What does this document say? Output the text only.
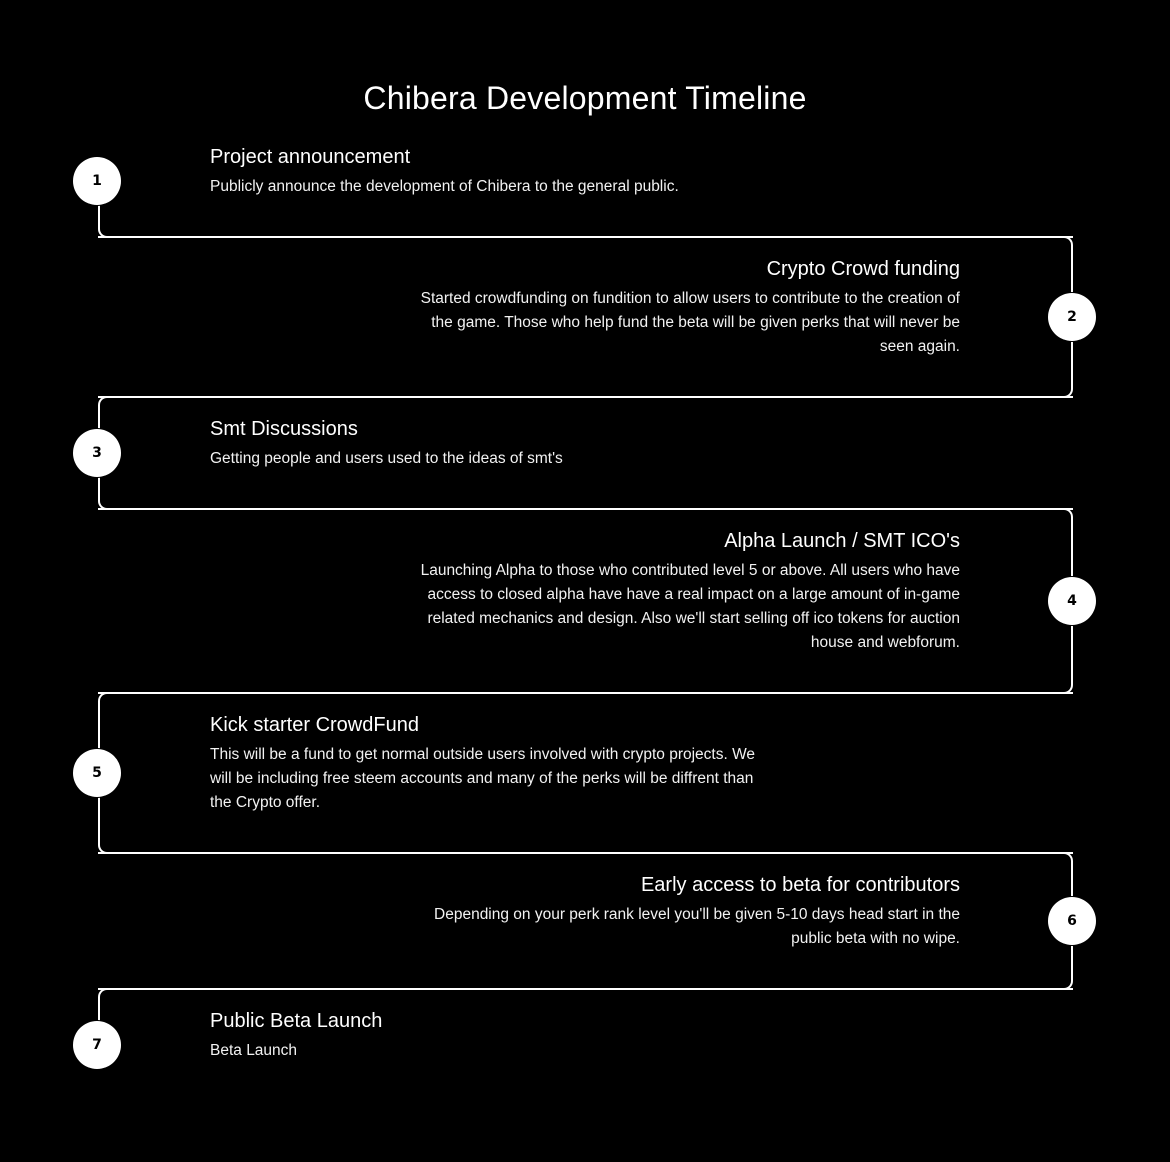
Chibera Development Timeline
1
Project announcement

Publicly announce the development of Chibera to the general public.

2
Crypto Crowd funding

Started crowdfunding on fundition to allow users to contribute to the creation of the game. Those who help fund the beta will be given perks that will never be seen again.

3
Smt Discussions

Getting people and users used to the ideas of smt's

4
Alpha Launch / SMT ICO's

Launching Alpha to those who contributed level 5 or above. All users who have access to closed alpha have have a real impact on a large amount of in-game related mechanics and design. Also we'll start selling off ico tokens for auction house and webforum.

5
Kick starter CrowdFund

This will be a fund to get normal outside users involved with crypto projects. We will be including free steem accounts and many of the perks will be diffrent than the Crypto offer.

6
Early access to beta for contributors

Depending on your perk rank level you'll be given 5-10 days head start in the public beta with no wipe.

7
Public Beta Launch

Beta Launch
